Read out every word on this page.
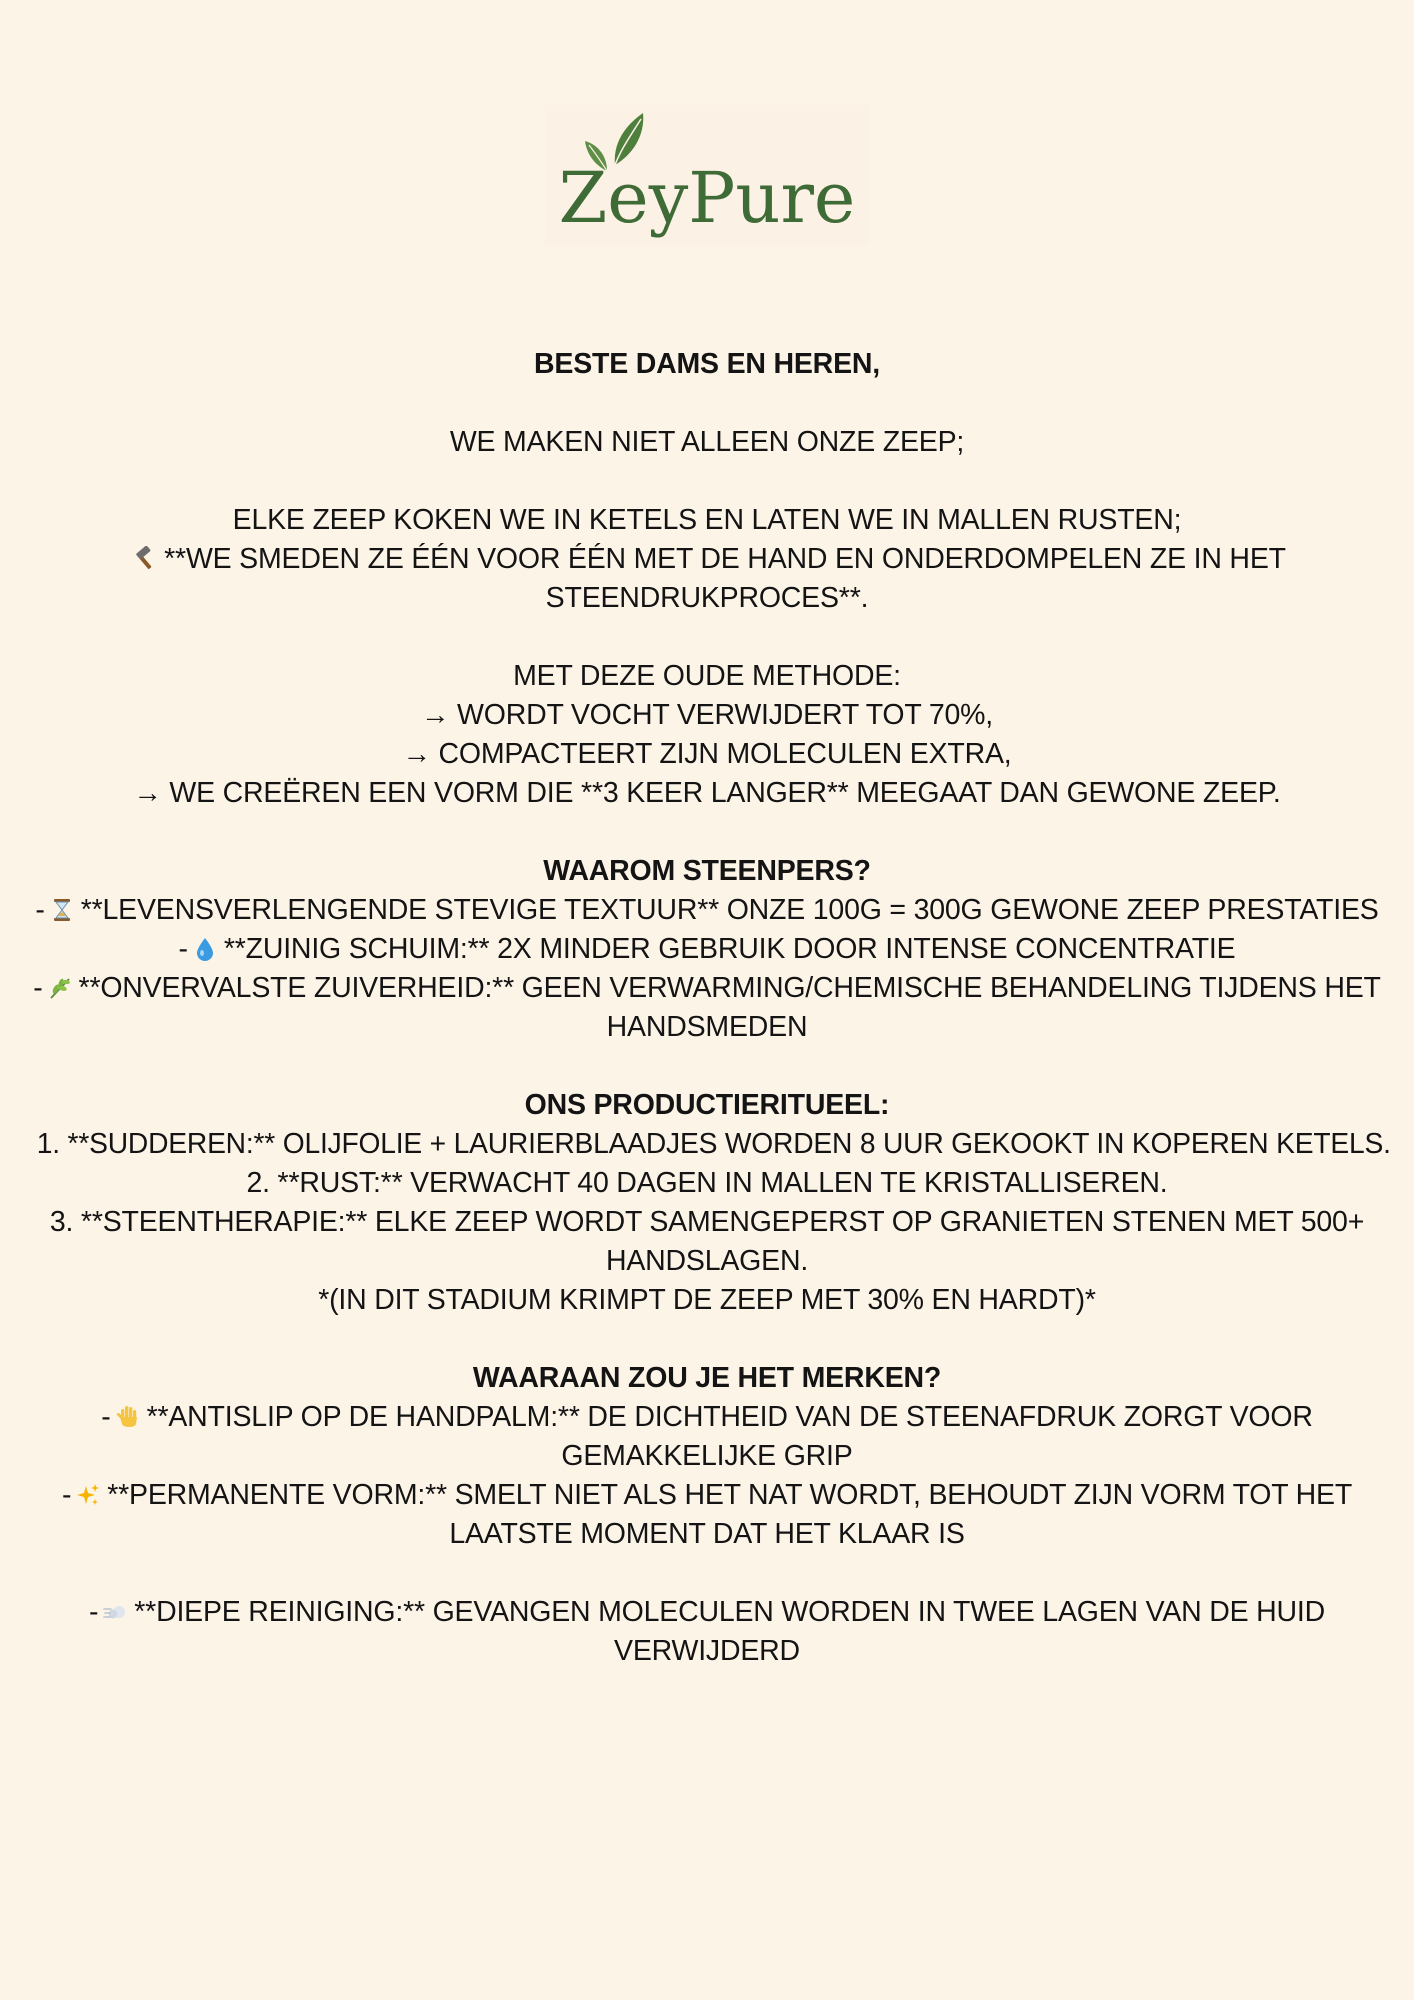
ZeyPure
BESTE DAMS EN HEREN,
WE MAKEN NIET ALLEEN ONZE ZEEP;
ELKE ZEEP KOKEN WE IN KETELS EN LATEN WE IN MALLEN RUSTEN;
**WE SMEDEN ZE ÉÉN VOOR ÉÉN MET DE HAND EN ONDERDOMPELEN ZE IN HET
STEENDRUKPROCES**.
MET DEZE OUDE METHODE:
→ WORDT VOCHT VERWIJDERT TOT 70%,
→ COMPACTEERT ZIJN MOLECULEN EXTRA,
→ WE CREËREN EEN VORM DIE **3 KEER LANGER** MEEGAAT DAN GEWONE ZEEP.
WAAROM STEENPERS?
- **LEVENSVERLENGENDE STEVIGE TEXTUUR** ONZE 100G = 300G GEWONE ZEEP PRESTATIES
- **ZUINIG SCHUIM:** 2X MINDER GEBRUIK DOOR INTENSE CONCENTRATIE
- **ONVERVALSTE ZUIVERHEID:** GEEN VERWARMING/CHEMISCHE BEHANDELING TIJDENS HET
HANDSMEDEN
ONS PRODUCTIERITUEEL:
1. **SUDDEREN:** OLIJFOLIE + LAURIERBLAADJES WORDEN 8 UUR GEKOOKT IN KOPEREN KETELS.
2. **RUST:** VERWACHT 40 DAGEN IN MALLEN TE KRISTALLISEREN.
3. **STEENTHERAPIE:** ELKE ZEEP WORDT SAMENGEPERST OP GRANIETEN STENEN MET 500+
HANDSLAGEN.
*(IN DIT STADIUM KRIMPT DE ZEEP MET 30% EN HARDT)*
WAARAAN ZOU JE HET MERKEN?
- **ANTISLIP OP DE HANDPALM:** DE DICHTHEID VAN DE STEENAFDRUK ZORGT VOOR
GEMAKKELIJKE GRIP
- **PERMANENTE VORM:** SMELT NIET ALS HET NAT WORDT, BEHOUDT ZIJN VORM TOT HET
LAATSTE MOMENT DAT HET KLAAR IS
- **DIEPE REINIGING:** GEVANGEN MOLECULEN WORDEN IN TWEE LAGEN VAN DE HUID
VERWIJDERD
